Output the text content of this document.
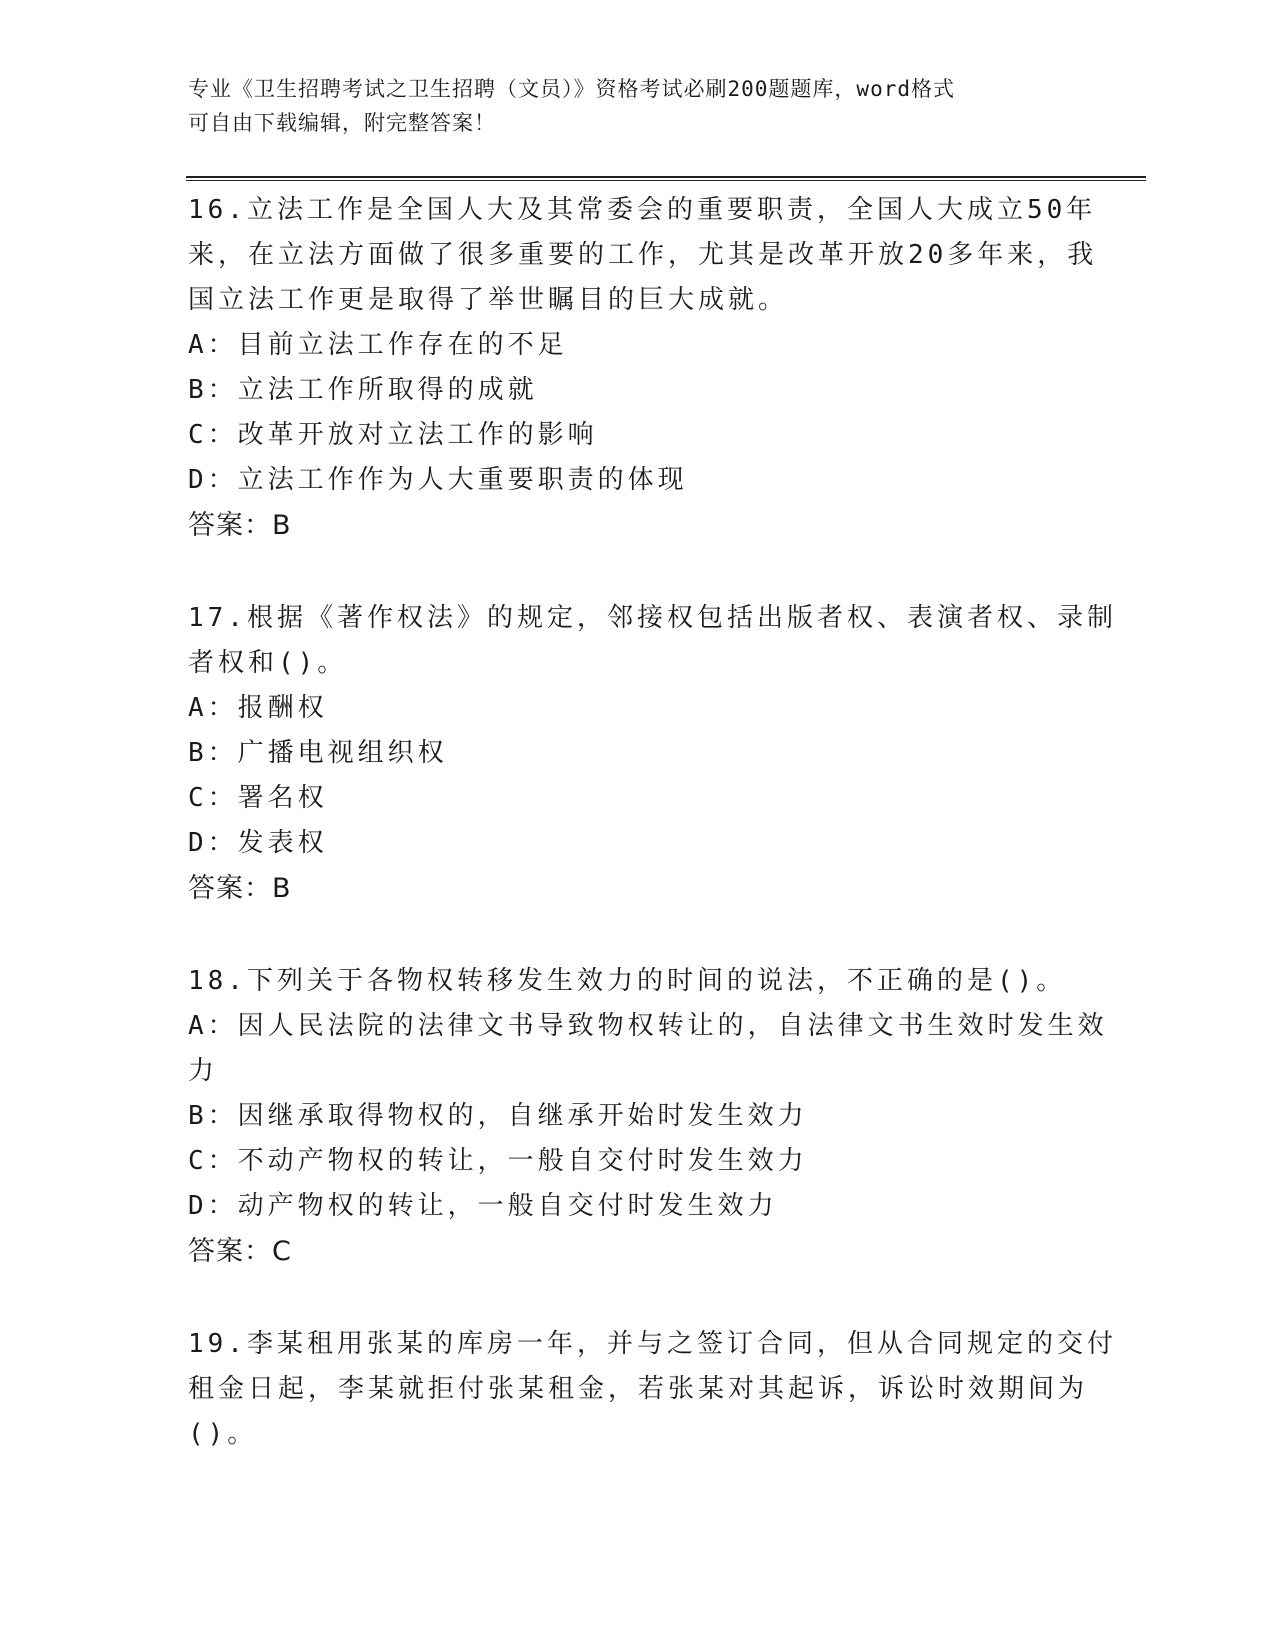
专业《卫生招聘考试之卫生招聘（文员）》资格考试必刷200题题库，word格式
可自由下载编辑，附完整答案！
16.立法工作是全国人大及其常委会的重要职责，全国人大成立50年
来，在立法方面做了很多重要的工作，尤其是改革开放20多年来，我
国立法工作更是取得了举世瞩目的巨大成就。
A：目前立法工作存在的不足
B：立法工作所取得的成就
C：改革开放对立法工作的影响
D：立法工作作为人大重要职责的体现
答案：B
17.根据《著作权法》的规定，邻接权包括出版者权、表演者权、录制
者权和()。
A：报酬权
B：广播电视组织权
C：署名权
D：发表权
答案：B
18.下列关于各物权转移发生效力的时间的说法，不正确的是()。
A：因人民法院的法律文书导致物权转让的，自法律文书生效时发生效
力
B：因继承取得物权的，自继承开始时发生效力
C：不动产物权的转让，一般自交付时发生效力
D：动产物权的转让，一般自交付时发生效力
答案：C
19.李某租用张某的库房一年，并与之签订合同，但从合同规定的交付
租金日起，李某就拒付张某租金，若张某对其起诉，诉讼时效期间为
()。
